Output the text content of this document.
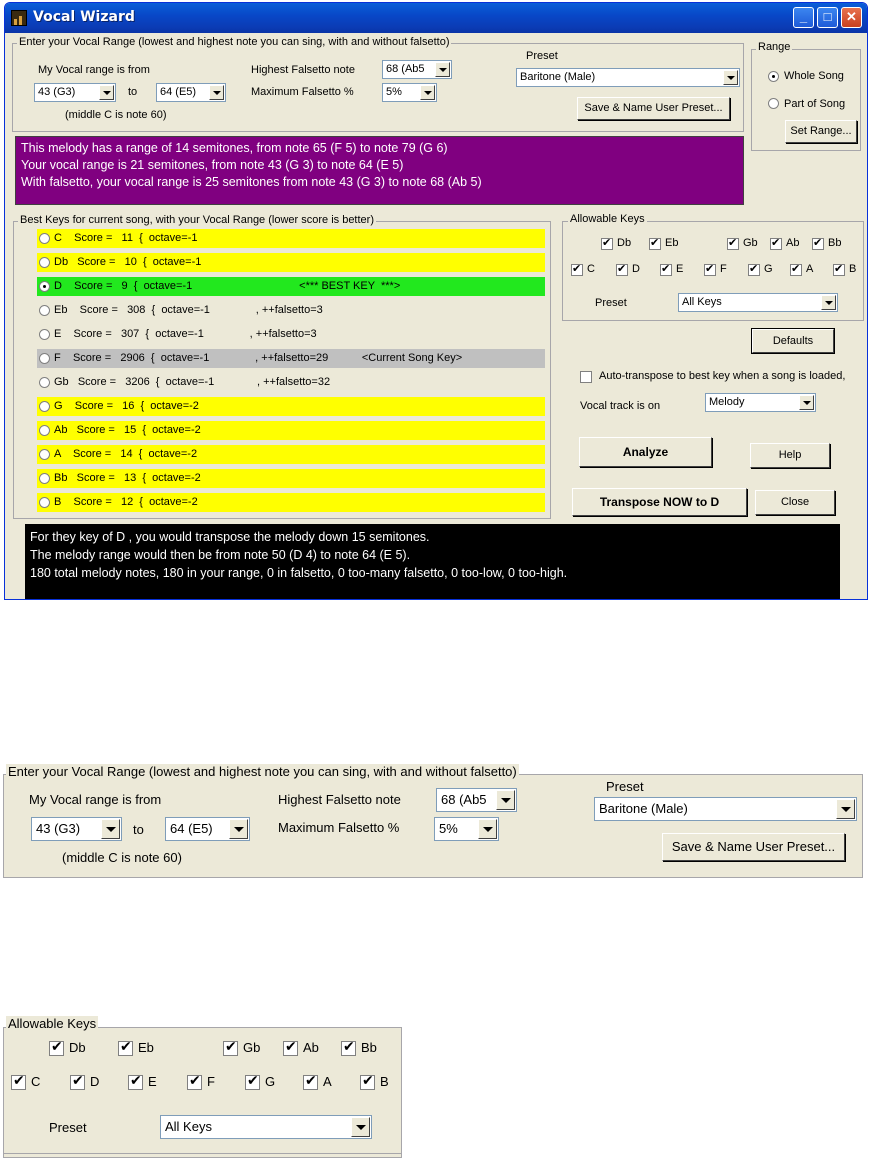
Vocal Wizard	_	□	✕
Enter your Vocal Range (lowest and highest note you can sing, with and without falsetto)
My Vocal range is from
43 (G3)	to 64 (E5)
(middle C is note 60)
Highest Falsetto note	68 (Ab5
Maximum Falsetto %	5%
Preset
Baritone (Male)
Save & Name User Preset...
Range
Whole Song
Part of Song
Set Range...
This melody has a range of 14 semitones, from note 65 (F 5) to note 79 (G 6)
Your vocal range is 21 semitones, from note 43 (G 3) to note 64 (E 5)
With falsetto, your vocal range is 25 semitones from note 43 (G 3) to note 68 (Ab 5)
Best Keys for current song, with your Vocal Range (lower score is better)
C    Score =   11  {  octave=-1
Db   Score =   10  {  octave=-1
D    Score =   9  {  octave=-1                                   <*** BEST KEY  ***>
Eb    Score =   308  {  octave=-1               , ++falsetto=3
E    Score =   307  {  octave=-1               , ++falsetto=3
F    Score =   2906  {  octave=-1               , ++falsetto=29           <Current Song Key>
Gb   Score =   3206  {  octave=-1              , ++falsetto=32
G    Score =   16  {  octave=-2
Ab   Score =   15  {  octave=-2
A    Score =   14  {  octave=-2
Bb   Score =   13  {  octave=-2
B    Score =   12  {  octave=-2
Allowable Keys
✔
Db ✔	Eb ✔	Gb ✔	Ab ✔	Bb
✔
C ✔	D ✔	E ✔	F ✔	G ✔	A ✔	B
Preset	All Keys
Defaults
Auto-transpose to best key when a song is loaded,
Vocal track is on	Melody
Analyze	Help
Transpose NOW to D	Close
For they key of D , you would transpose the melody down 15 semitones.
The melody range would then be from note 50 (D 4) to note 64 (E 5).
180 total melody notes, 180 in your range, 0 in falsetto, 0 too-many falsetto, 0 too-low, 0 too-high.
Enter your Vocal Range (lowest and highest note you can sing, with and without falsetto)
My Vocal range is from
43 (G3)	to 64 (E5)
(middle C is note 60)
Highest Falsetto note	68 (Ab5
Maximum Falsetto %	5%
Preset
Baritone (Male)
Save & Name User Preset...
Allowable Keys
✔
Db ✔	Eb ✔	Gb ✔	Ab ✔	Bb
✔
C ✔	D ✔	E ✔	F ✔	G ✔	A ✔	B
Preset	All Keys
